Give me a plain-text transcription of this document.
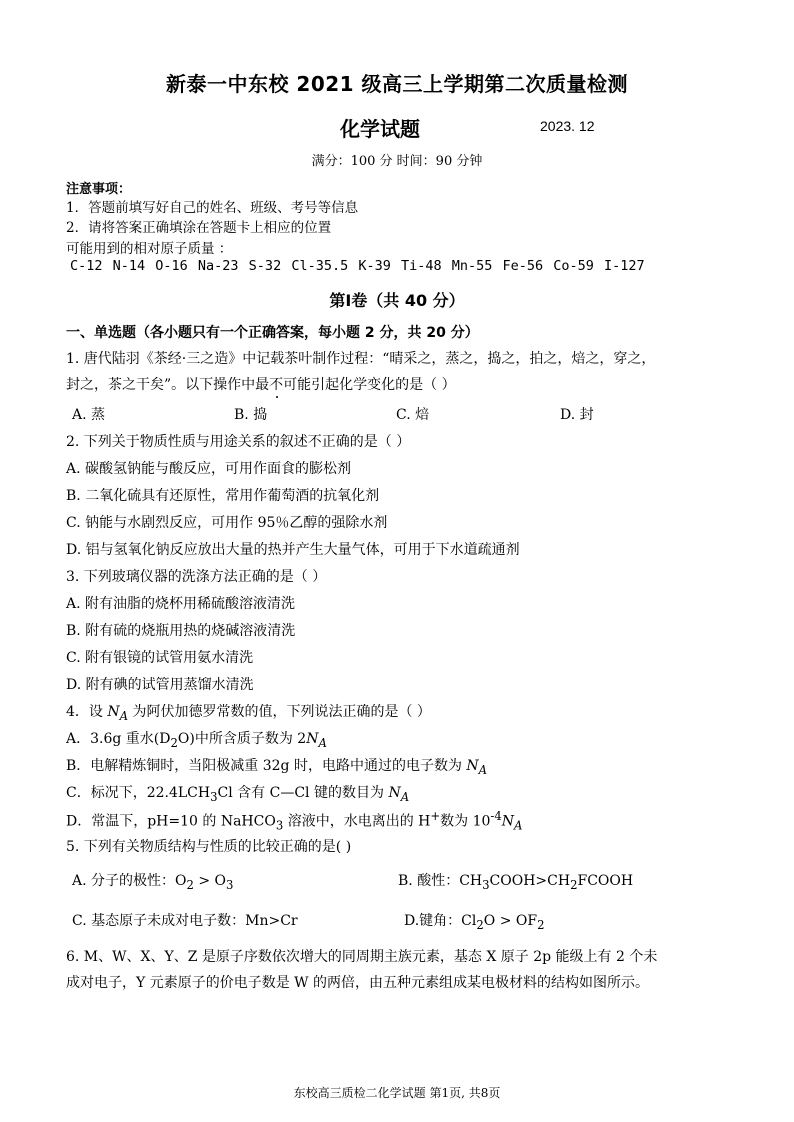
新泰一中东校 2021 级高三上学期第二次质量检测
化学试题	2023. 12
满分：100 分 时间：90 分钟
注意事项：
1．答题前填写好自己的姓名、班级、考号等信息
2．请将答案正确填涂在答题卡上相应的位置
可能用到的相对原子质量 ：
C-12 N-14 O-16 Na-23 S-32 Cl-35.5 K-39 Ti-48 Mn-55 Fe-56 Co-59 I-127
第Ⅰ卷（共 40 分）
一、单选题（各小题只有一个正确答案，每小题 2 分，共 20 分）
1. 唐代陆羽《茶经·三之造》中记载茶叶制作过程：“晴采之，蒸之，捣之，拍之，焙之，穿之，
封之，茶之干矣”。以下操作中最不可能引起化学变化的是（ ）
A. 蒸	B. 捣	C. 焙	D. 封
2. 下列关于物质性质与用途关系的叙述不正确的是（ ）
A. 碳酸氢钠能与酸反应，可用作面食的膨松剂
B. 二氧化硫具有还原性，常用作葡萄酒的抗氧化剂
C. 钠能与水剧烈反应，可用作 95％乙醇的强除水剂
D. 铝与氢氧化钠反应放出大量的热并产生大量气体，可用于下水道疏通剂
3. 下列玻璃仪器的洗涤方法正确的是（ ）
A. 附有油脂的烧杯用稀硫酸溶液清洗
B. 附有硫的烧瓶用热的烧碱溶液清洗
C. 附有银镜的试管用氨水清洗
D. 附有碘的试管用蒸馏水清洗
4．设 $N_A$ 为阿伏加德罗常数的值，下列说法正确的是（ ）
A．3.6g 重水$(D_2O)$中所含质子数为 $2N_A$
B．电解精炼铜时，当阳极减重 32g 时，电路中通过的电子数为 $N_A$
C．标况下，$22.4LCH_3Cl$ 含有 C—Cl 键的数目为 $N_A$
D．常温下，pH=10 的 NaHCO$_3$ 溶液中，水电离出的 H+数为 $10^{-4}N_A$
5. 下列有关物质结构与性质的比较正确的是( )
A. 分子的极性：$O_2 > O_3$	B. 酸性：$CH_3COOH>CH_2FCOOH$
C. 基态原子未成对电子数：Mn>Cr	D.键角：$Cl_2O > OF_2$
6. M、W、X、Y、Z 是原子序数依次增大的同周期主族元素，基态 X 原子 2p 能级上有 2 个未
成对电子，Y 元素原子的价电子数是 W 的两倍，由五种元素组成某电极材料的结构如图所示。
东校高三质检二化学试题 第1页, 共8页
